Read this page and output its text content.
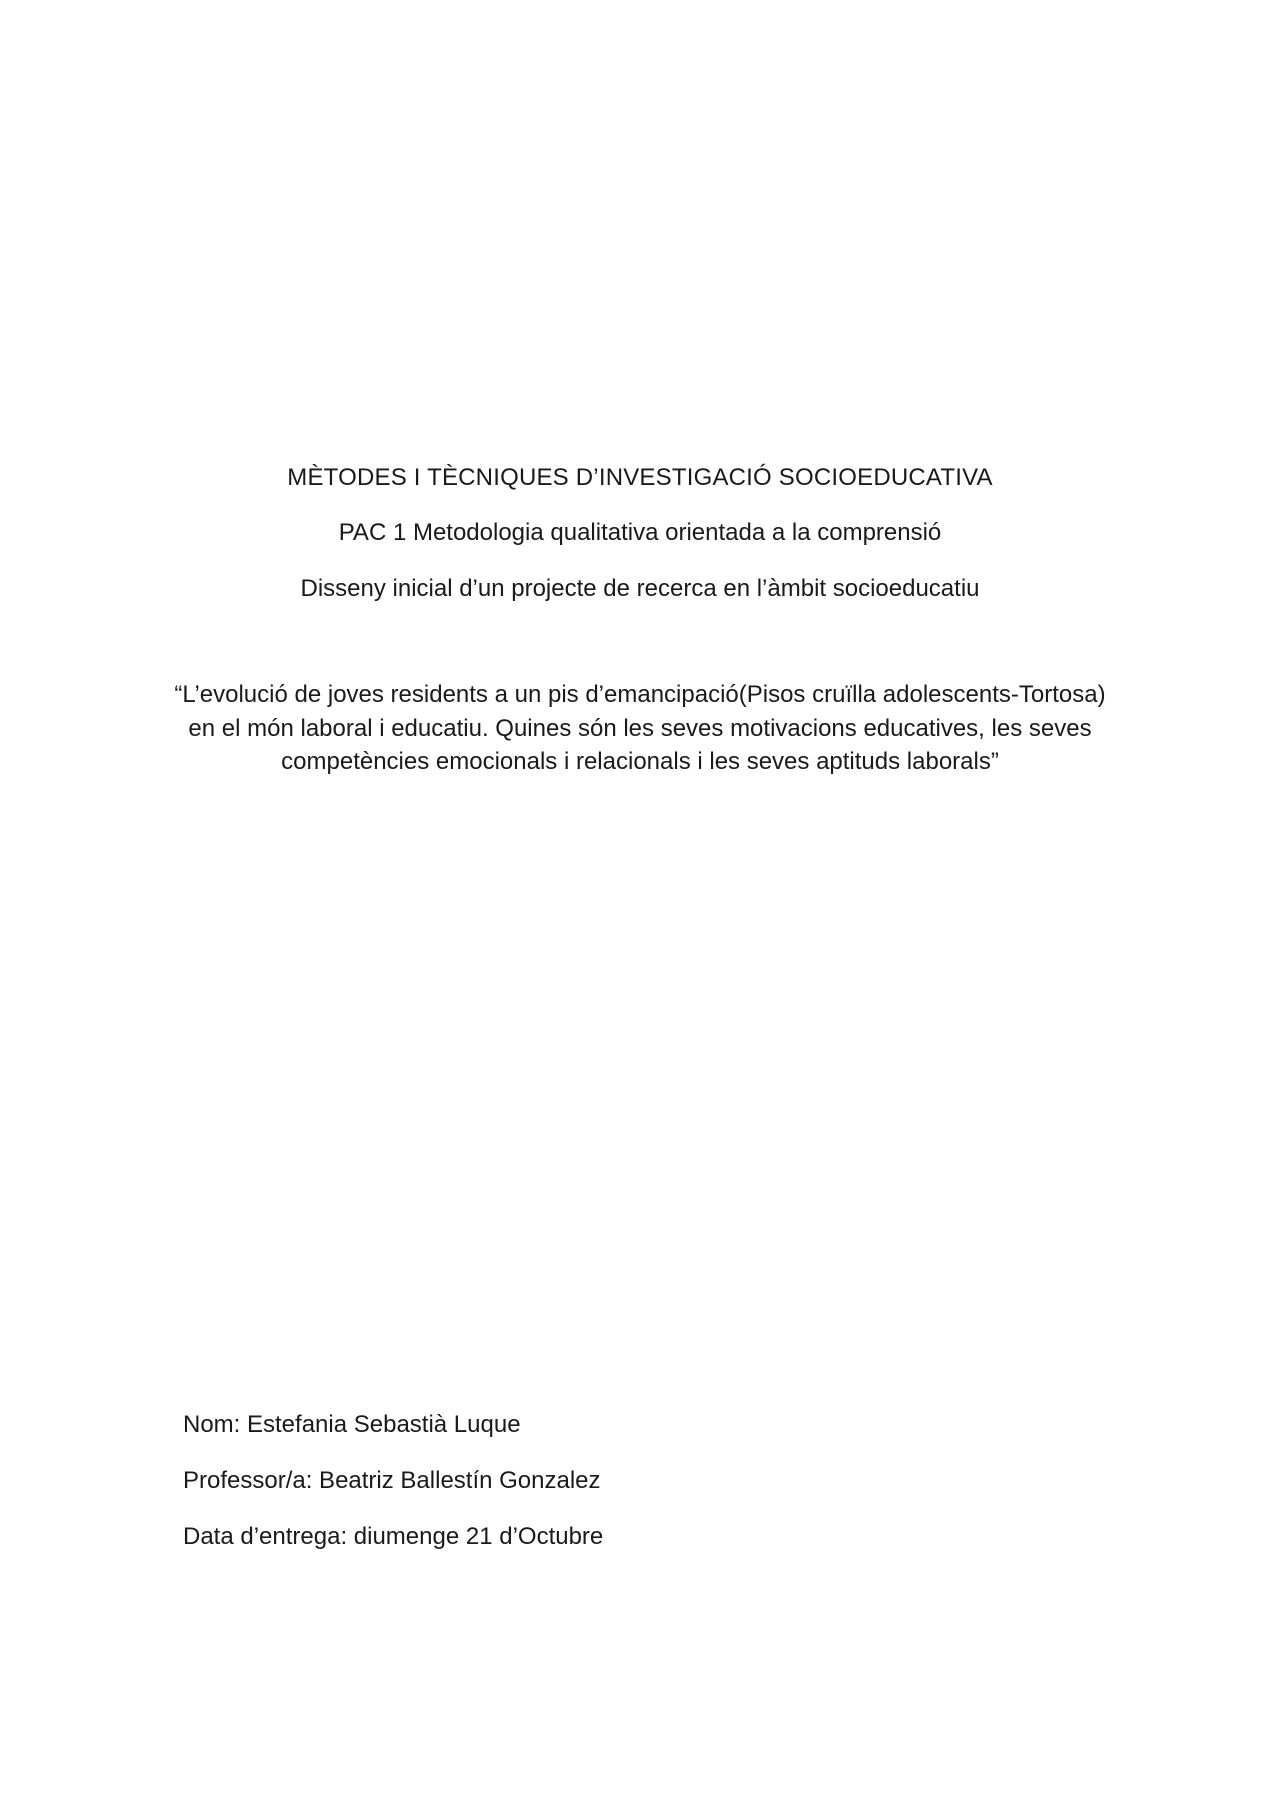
MÈTODES I TÈCNIQUES D’INVESTIGACIÓ SOCIOEDUCATIVA
PAC 1 Metodologia qualitativa orientada a la comprensió
Disseny inicial d’un projecte de recerca en l’àmbit socioeducatiu
“L’evolució de joves residents a un pis d’emancipació(Pisos cruïlla adolescents-Tortosa) en el món laboral i educatiu. Quines són les seves motivacions educatives, les seves competències emocionals i relacionals i les seves aptituds laborals”
Nom: Estefania Sebastià Luque
Professor/a: Beatriz Ballestín Gonzalez
Data d’entrega: diumenge 21 d’Octubre
